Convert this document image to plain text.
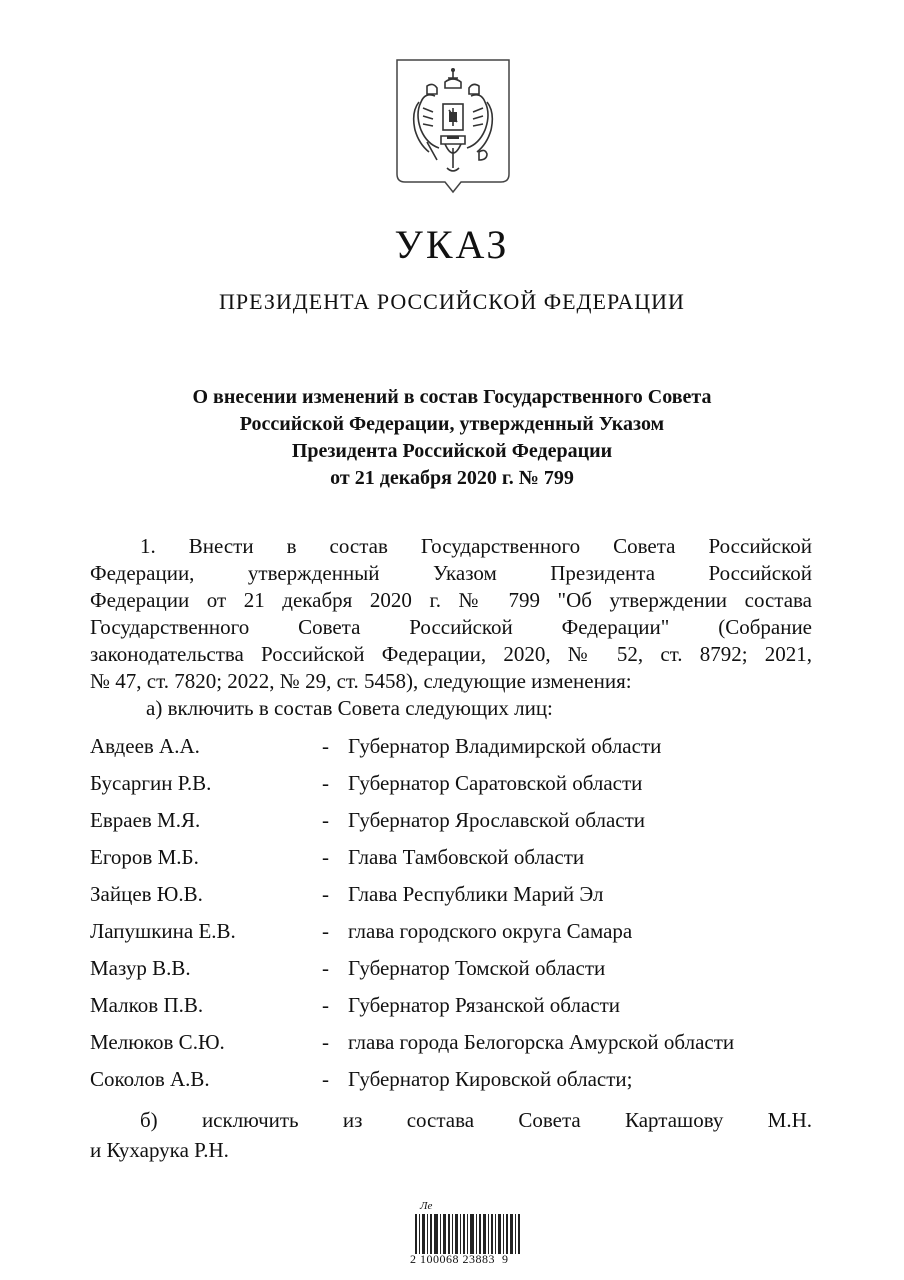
УКАЗ
ПРЕЗИДЕНТА РОССИЙСКОЙ ФЕДЕРАЦИИ
О внесении изменений в состав Государственного Совета
Российской Федерации, утвержденный Указом
Президента Российской Федерации
от 21 декабря 2020 г. № 799
1. Внести в состав Государственного Совета Российской
Федерации, утвержденный Указом Президента Российской
Федерации от 21 декабря 2020 г. № 799 "Об утверждении состава
Государственного Совета Российской Федерации" (Собрание
законодательства Российской Федерации, 2020, № 52, ст. 8792; 2021,
№ 47, ст. 7820; 2022, № 29, ст. 5458), следующие изменения:
а) включить в состав Совета следующих лиц:
Авдеев А.А.	- Губернатор Владимирской области
Бусаргин Р.В.	- Губернатор Саратовской области
Евраев М.Я.	- Губернатор Ярославской области
Егоров М.Б.	- Глава Тамбовской области
Зайцев Ю.В.	- Глава Республики Марий Эл
Лапушкина Е.В.	- глава городского округа Самара
Мазур В.В.	- Губернатор Томской области
Малков П.В.	- Губернатор Рязанской области
Мелюков С.Ю.	- глава города Белогорска Амурской области
Соколов А.В.	- Губернатор Кировской области;
б) исключить из состава Совета Карташову М.Н.
и Кухарука Р.Н.
Ле
2 100068 23883  9
